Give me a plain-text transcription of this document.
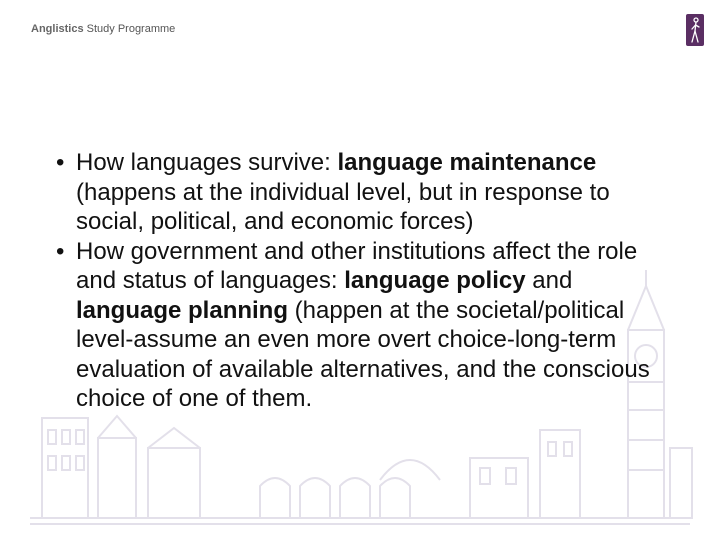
Anglistics Study Programme
• How languages survive: language maintenance (happens at the individual level, but in response to social, political, and economic forces)
• How government and other institutions affect the role and status of languages: language policy and language planning (happen at the societal/political level-assume an even more overt choice-long-term evaluation of available alternatives, and the conscious choice of one of them.
